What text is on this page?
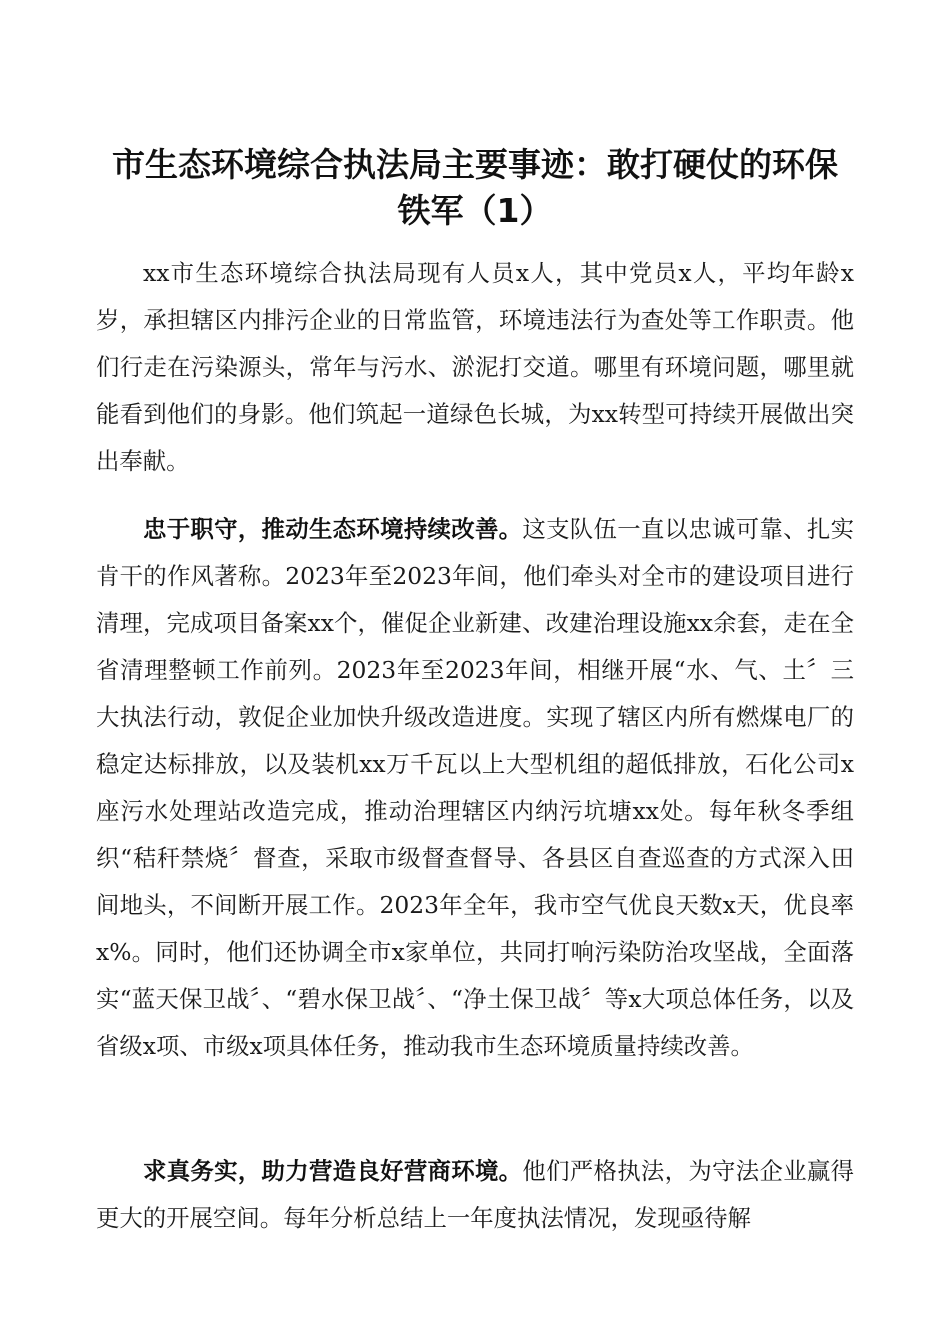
市生态环境综合执法局主要事迹：敢打硬仗的环保铁军（1）

xx市生态环境综合执法局现有人员x人，其中党员x人，平均年龄x岁，承担辖区内排污企业的日常监管，环境违法行为查处等工作职责。他们行走在污染源头，常年与污水、淤泥打交道。哪里有环境问题，哪里就能看到他们的身影。他们筑起一道绿色长城，为xx转型可持续开展做出突出奉献。

忠于职守，推动生态环境持续改善。这支队伍一直以忠诚可靠、扎实肯干的作风著称。2023年至2023年间，他们牵头对全市的建设项目进行清理，完成项目备案xx个，催促企业新建、改建治理设施xx余套，走在全省清理整顿工作前列。2023年至2023年间，相继开展“水、气、土〞三大执法行动，敦促企业加快升级改造进度。实现了辖区内所有燃煤电厂的稳定达标排放，以及装机xx万千瓦以上大型机组的超低排放，石化公司x座污水处理站改造完成，推动治理辖区内纳污坑塘xx处。每年秋冬季组织“秸秆禁烧〞督查，采取市级督查督导、各县区自查巡查的方式深入田间地头，不间断开展工作。2023年全年，我市空气优良天数x天，优良率x%。同时，他们还协调全市x家单位，共同打响污染防治攻坚战，全面落实“蓝天保卫战〞、“碧水保卫战〞、“净土保卫战〞等x大项总体任务，以及省级x项、市级x项具体任务，推动我市生态环境质量持续改善。

求真务实，助力营造良好营商环境。他们严格执法，为守法企业赢得更大的开展空间。每年分析总结上一年度执法情况，发现亟待解
